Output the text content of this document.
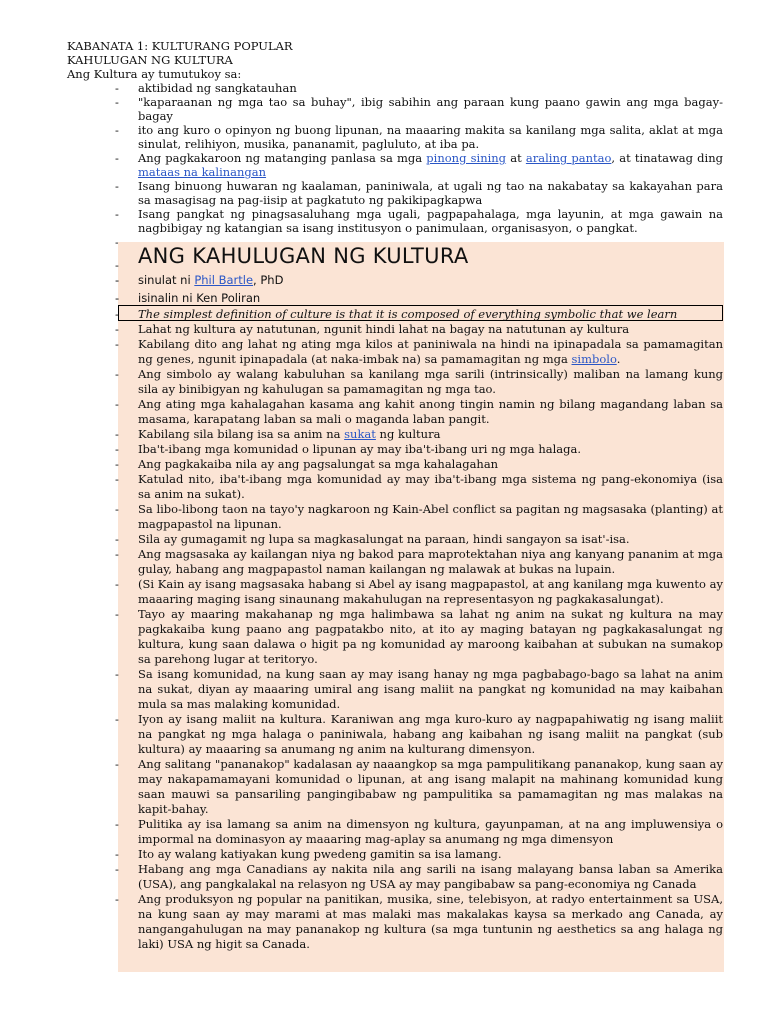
KABANATA 1: KULTURANG POPULAR

KAHULUGAN NG KULTURA

Ang Kultura ay tumutukoy sa:

- aktibidad ng sangkatauhan
- "kaparaanan ng mga tao sa buhay", ibig sabihin ang paraan kung paano gawin ang mga bagay-bagay
- ito ang kuro o opinyon ng buong lipunan, na maaaring makita sa kanilang mga salita, aklat at mga sinulat, relihiyon, musika, pananamit, pagluluto, at iba pa.
- Ang pagkakaroon ng matanging panlasa sa mga pinong sining at araling pantao, at tinatawag ding mataas na kalinangan
- Isang binuong huwaran ng kaalaman, paniniwala, at ugali ng tao na nakabatay sa kakayahan para sa masagisag na pag-iisip at pagkatuto ng pakikipagkapwa
- Isang pangkat ng pinagsasaluhang mga ugali, pagpapahalaga, mga layunin, at mga gawain na nagbibigay ng katangian sa isang institusyon o panimulaan, organisasyon, o pangkat.
-
- ANG KAHULUGAN NG KULTURA
- sinulat ni Phil Bartle, PhD
- isinalin ni Ken Poliran
- The simplest definition of culture is that it is composed of everything symbolic that we learn
- Lahat ng kultura ay natutunan, ngunit hindi lahat na bagay na natutunan ay kultura
- Kabilang dito ang lahat ng ating mga kilos at paniniwala na hindi na ipinapadala sa pamamagitan ng genes, ngunit ipinapadala (at naka-imbak na) sa pamamagitan ng mga simbolo.
- Ang simbolo ay walang kabuluhan sa kanilang mga sarili (intrinsically) maliban na lamang kung sila ay binibigyan ng kahulugan sa pamamagitan ng mga tao.
- Ang ating mga kahalagahan kasama ang kahit anong tingin namin ng bilang magandang laban sa masama, karapatang laban sa mali o maganda laban pangit.
- Kabilang sila bilang isa sa anim na sukat ng kultura
- Iba't-ibang mga komunidad o lipunan ay may iba't-ibang uri ng mga halaga.
- Ang pagkakaiba nila ay ang pagsalungat sa mga kahalagahan
- Katulad nito, iba't-ibang mga komunidad ay may iba't-ibang mga sistema ng pang-ekonomiya (isa sa anim na sukat).
- Sa libo-libong taon na tayo'y nagkaroon ng Kain-Abel conflict sa pagitan ng magsasaka (planting) at magpapastol na lipunan.
- Sila ay gumagamit ng lupa sa magkasalungat na paraan, hindi sangayon sa isat'-isa.
- Ang magsasaka ay kailangan niya ng bakod para maprotektahan niya ang kanyang pananim at mga gulay, habang ang magpapastol naman kailangan ng malawak at bukas na lupain.
- (Si Kain ay isang magsasaka habang si Abel ay isang magpapastol, at ang kanilang mga kuwento ay maaaring maging isang sinaunang makahulugan na representasyon ng pagkakasalungat).
- Tayo ay maaring makahanap ng mga halimbawa sa lahat ng anim na sukat ng kultura na may pagkakaiba kung paano ang pagpatakbo nito, at ito ay maging batayan ng pagkakasalungat ng kultura, kung saan dalawa o higit pa ng komunidad ay maroong kaibahan at subukan na sumakop sa parehong lugar at teritoryo.
- Sa isang komunidad, na kung saan ay may isang hanay ng mga pagbabago-bago sa lahat na anim na sukat, diyan ay maaaring umiral ang isang maliit na pangkat ng komunidad na may kaibahan mula sa mas malaking komunidad.
- Iyon ay isang maliit na kultura. Karaniwan ang mga kuro-kuro ay nagpapahiwatig ng isang maliit na pangkat ng mga halaga o paniniwala, habang ang kaibahan ng isang maliit na pangkat (sub kultura) ay maaaring sa anumang ng anim na kulturang dimensyon.
- Ang salitang "pananakop" kadalasan ay naaangkop sa mga pampulitikang pananakop, kung saan ay may nakapamamayani komunidad o lipunan, at ang isang malapit na mahinang komunidad kung saan mauwi sa pansariling pangingibabaw ng pampulitika sa pamamagitan ng mas malakas na kapit-bahay.
- Pulitika ay isa lamang sa anim na dimensyon ng kultura, gayunpaman, at na ang impluwensiya o impormal na dominasyon ay maaaring mag-aplay sa anumang ng mga dimensyon
- Ito ay walang katiyakan kung pwedeng gamitin sa isa lamang.
- Habang ang mga Canadians ay nakita nila ang sarili na isang malayang bansa laban sa Amerika (USA), ang pangkalakal na relasyon ng USA ay may pangibabaw sa pang-economiya ng Canada
- Ang produksyon ng popular na panitikan, musika, sine, telebisyon, at radyo entertainment sa USA, na kung saan ay may marami at mas malaki mas makalakas kaysa sa merkado ang Canada, ay nangangahulugan na may pananakop ng kultura (sa mga tuntunin ng aesthetics sa ang halaga ng laki) USA ng higit sa Canada.
